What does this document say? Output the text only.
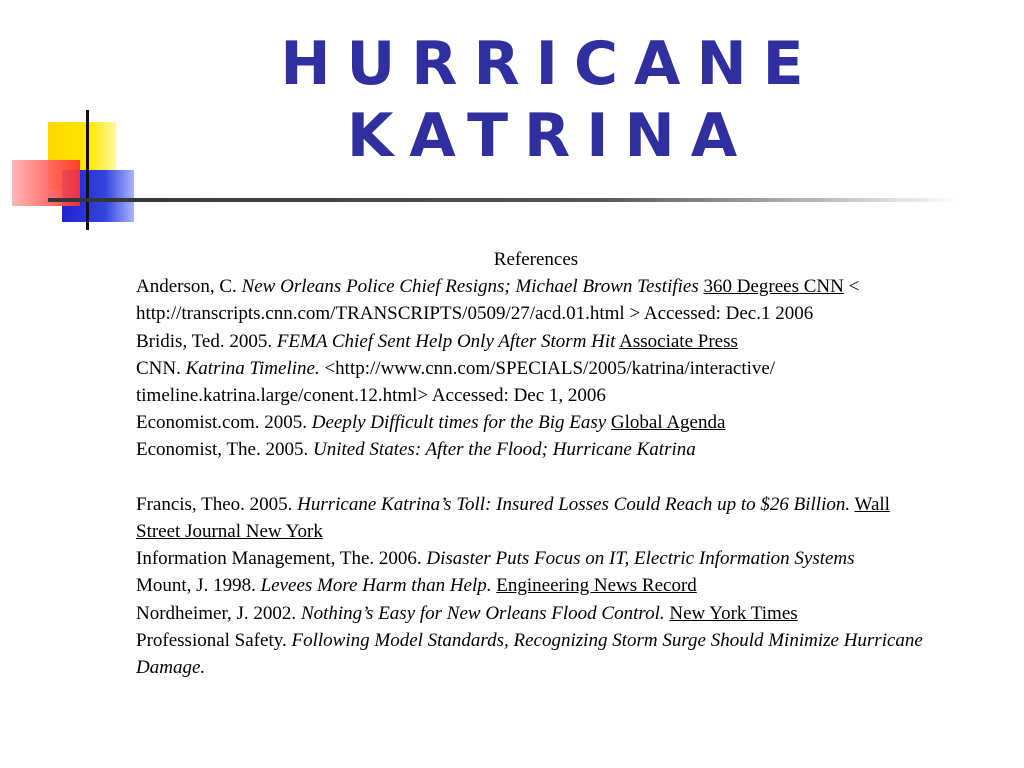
HURRICANE
KATRINA
References

Anderson, C. New Orleans Police Chief Resigns; Michael Brown Testifies 360 Degrees CNN < http://transcripts.cnn.com/TRANSCRIPTS/0509/27/acd.01.html > Accessed: Dec.1 2006

Bridis, Ted. 2005. FEMA Chief Sent Help Only After Storm Hit Associate Press

CNN. Katrina Timeline. <http://www.cnn.com/SPECIALS/2005/katrina/interactive/ timeline.katrina.large/conent.12.html> Accessed: Dec 1, 2006

Economist.com. 2005. Deeply Difficult times for the Big Easy Global Agenda

Economist, The. 2005. United States: After the Flood; Hurricane Katrina

Francis, Theo. 2005. Hurricane Katrina’s Toll: Insured Losses Could Reach up to $26 Billion. Wall Street Journal New York

Information Management, The. 2006. Disaster Puts Focus on IT, Electric Information Systems

Mount, J. 1998. Levees More Harm than Help. Engineering News Record

Nordheimer, J. 2002. Nothing’s Easy for New Orleans Flood Control. New York Times

Professional Safety. Following Model Standards, Recognizing Storm Surge Should Minimize Hurricane Damage.
